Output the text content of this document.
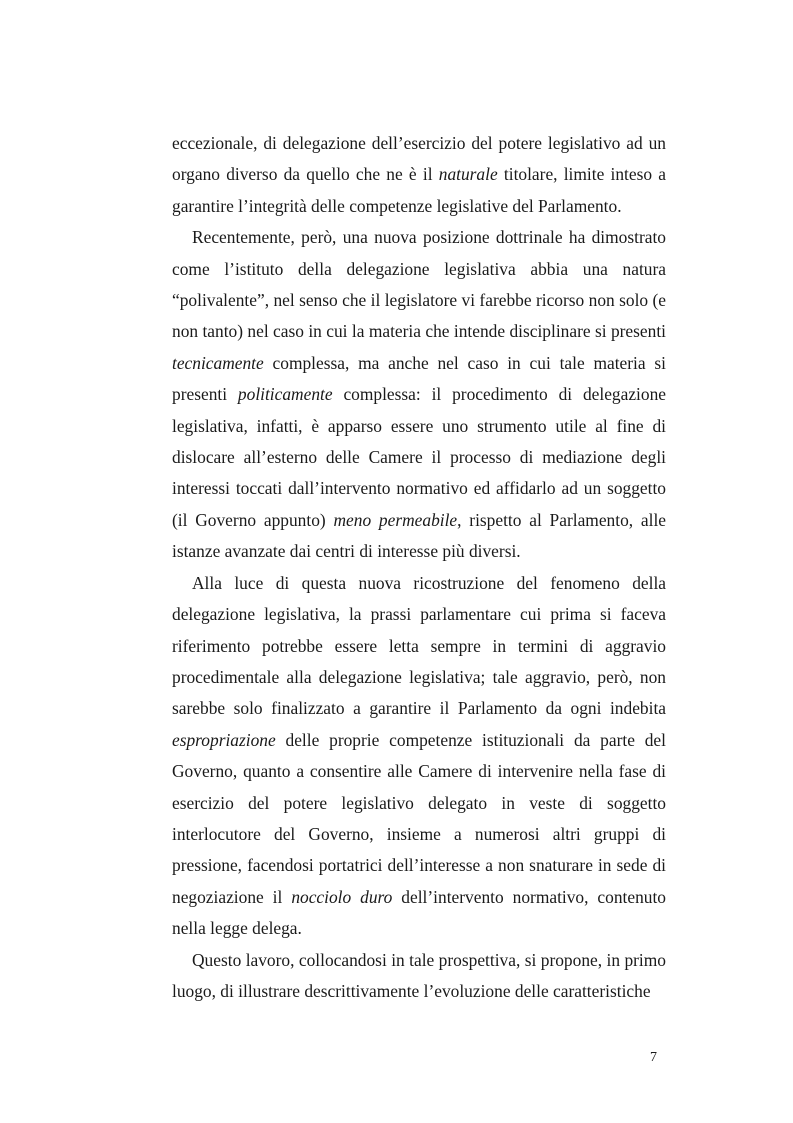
eccezionale, di delegazione dell’esercizio del potere legislativo ad un organo diverso da quello che ne è il naturale titolare, limite inteso a garantire l’integrità delle competenze legislative del Parlamento.

Recentemente, però, una nuova posizione dottrinale ha dimostrato come l’istituto della delegazione legislativa abbia una natura “polivalente”, nel senso che il legislatore vi farebbe ricorso non solo (e non tanto) nel caso in cui la materia che intende disciplinare si presenti tecnicamente complessa, ma anche nel caso in cui tale materia si presenti politicamente complessa: il procedimento di delegazione legislativa, infatti, è apparso essere uno strumento utile al fine di dislocare all’esterno delle Camere il processo di mediazione degli interessi toccati dall’intervento normativo ed affidarlo ad un soggetto (il Governo appunto) meno permeabile, rispetto al Parlamento, alle istanze avanzate dai centri di interesse più diversi.

Alla luce di questa nuova ricostruzione del fenomeno della delegazione legislativa, la prassi parlamentare cui prima si faceva riferimento potrebbe essere letta sempre in termini di aggravio procedimentale alla delegazione legislativa; tale aggravio, però, non sarebbe solo finalizzato a garantire il Parlamento da ogni indebita espropriazione delle proprie competenze istituzionali da parte del Governo, quanto a consentire alle Camere di intervenire nella fase di esercizio del potere legislativo delegato in veste di soggetto interlocutore del Governo, insieme a numerosi altri gruppi di pressione, facendosi portatrici dell’interesse a non snaturare in sede di negoziazione il nocciolo duro dell’intervento normativo, contenuto nella legge delega.

Questo lavoro, collocandosi in tale prospettiva, si propone, in primo luogo, di illustrare descrittivamente l’evoluzione delle caratteristiche

7
